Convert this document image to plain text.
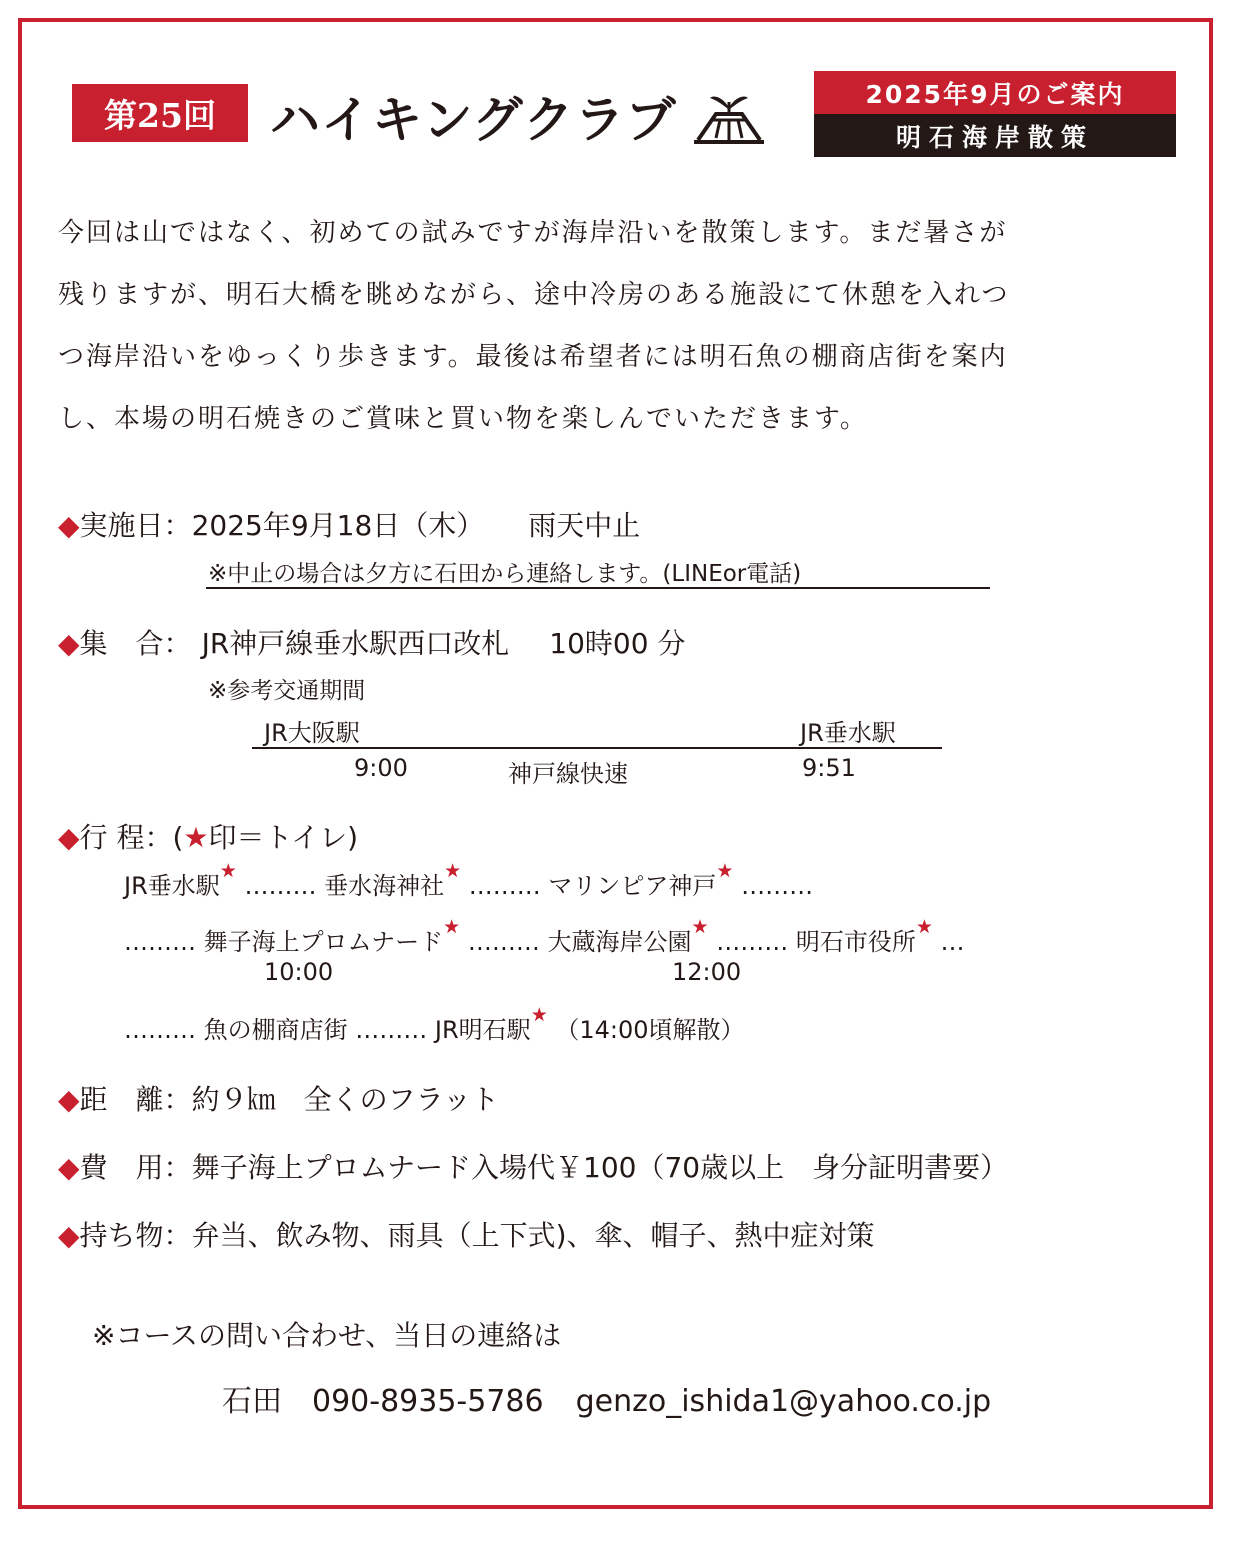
第25回	ハイキングクラブ	2025年9月のご案内
明石海岸散策
今回は山ではなく、初めての試みですが海岸沿いを散策します。まだ暑さが
残りますが、明石大橋を眺めながら、途中冷房のある施設にて休憩を入れつ
つ海岸沿いをゆっくり歩きます。最後は希望者には明石魚の棚商店街を案内
し、本場の明石焼きのご賞味と買い物を楽しんでいただきます。
◆実施日：2025年9月18日（木） 雨天中止
※中止の場合は夕方に石田から連絡します。(LINEor電話)
◆集　合： JR神戸線垂水駅西口改札 10時00 分
※参考交通期間
JR大阪駅	JR垂水駅
9:00	神戸線快速	9:51
◆行 程：(★印＝トイレ)
JR垂水駅★ ……… 垂水海神社★ ……… マリンピア神戸★ ………
……… 舞子海上プロムナード★ ……… 大蔵海岸公園★ ……… 明石市役所★ …
10:00	12:00
……… 魚の棚商店街 ……… JR明石駅★ （14:00頃解散）
◆距　離：約９㎞　全くのフラット
◆費　用：舞子海上プロムナード入場代￥100（70歳以上　身分証明書要）
◆持ち物：弁当、飲み物、雨具（上下式)、傘、帽子、熱中症対策
※コースの問い合わせ、当日の連絡は
石田 090-8935-5786 genzo_ishida1@yahoo.co.jp
